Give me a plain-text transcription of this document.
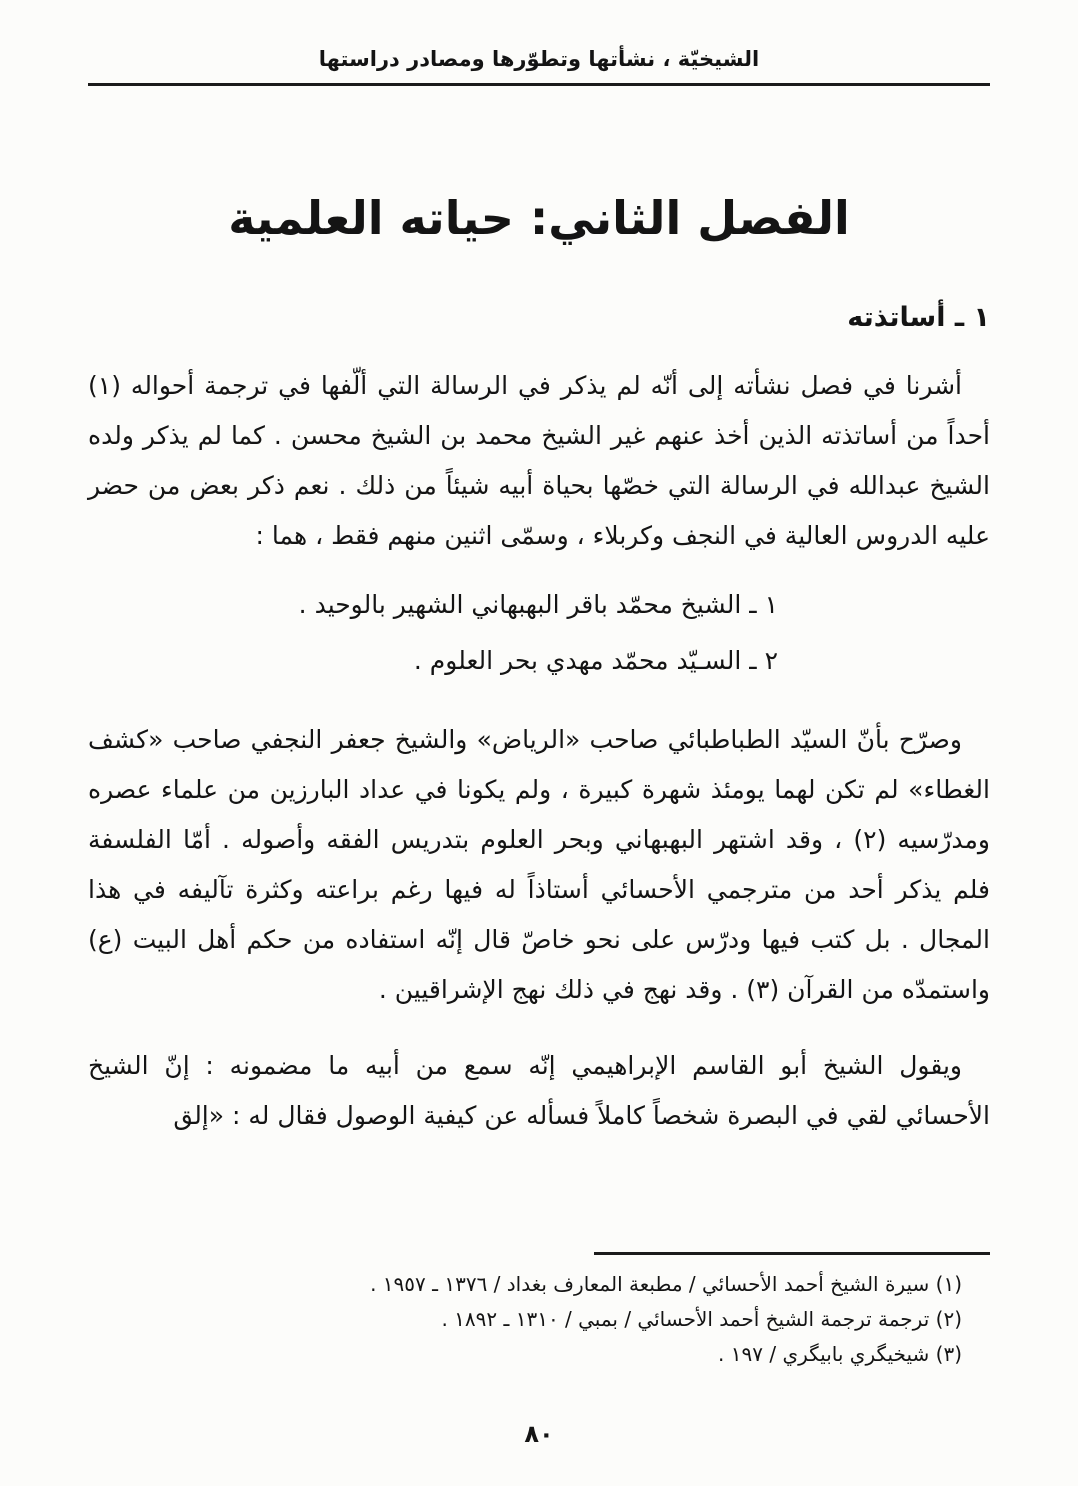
الشيخيّة ، نشأتها وتطوّرها ومصادر دراستها
الفصل الثاني: حياته العلمية
١ ـ أساتذته

أشرنا في فصل نشأته إلى أنّه لم يذكر في الرسالة التي ألّفها في ترجمة أحواله (١) أحداً من أساتذته الذين أخذ عنهم غير الشيخ محمد بن الشيخ محسن . كما لم يذكر ولده الشيخ عبدالله في الرسالة التي خصّها بحياة أبيه شيئاً من ذلك . نعم ذكر بعض من حضر عليه الدروس العالية في النجف وكربلاء ، وسمّى اثنين منهم فقط ، هما :

١ ـ الشيخ محمّد باقر البهبهاني الشهير بالوحيد .
٢ ـ السـيّد محمّد مهدي بحر العلوم .

وصرّح بأنّ السيّد الطباطبائي صاحب «الرياض» والشيخ جعفر النجفي صاحب «كشف الغطاء» لم تكن لهما يومئذ شهرة كبيرة ، ولم يكونا في عداد البارزين من علماء عصره ومدرّسيه (٢) ، وقد اشتهر البهبهاني وبحر العلوم بتدريس الفقه وأصوله . أمّا الفلسفة فلم يذكر أحد من مترجمي الأحسائي أستاذاً له فيها رغم براعته وكثرة تآليفه في هذا المجال . بل كتب فيها ودرّس على نحو خاصّ قال إنّه استفاده من حكم أهل البيت (ع) واستمدّه من القرآن (٣) . وقد نهج في ذلك نهج الإشراقيين .

ويقول الشيخ أبو القاسم الإبراهيمي إنّه سمع من أبيه ما مضمونه : إنّ الشيخ الأحسائي لقي في البصرة شخصاً كاملاً فسأله عن كيفية الوصول فقال له : «إلق

(١) سيرة الشيخ أحمد الأحسائي / مطبعة المعارف بغداد / ١٣٧٦ ـ ١٩٥٧ .
(٢) ترجمة ترجمة الشيخ أحمد الأحسائي / بمبي / ١٣١٠ ـ ١٨٩٢ .
(٣) شيخيگري بابيگري / ١٩٧ .
٨٠
